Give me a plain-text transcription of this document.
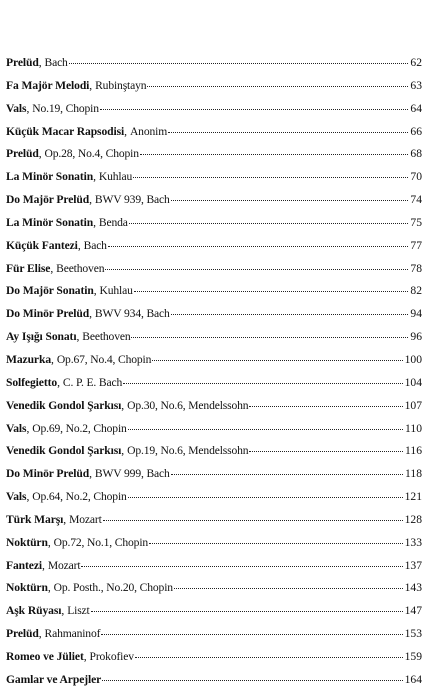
Prelüd , Bach	62
Fa Majör Melodi , Rubinştayn	63
Vals , No.19, Chopin	64
Küçük Macar Rapsodisi , Anonim	66
Prelüd , Op.28, No.4, Chopin	68
La Minör Sonatin , Kuhlau	70
Do Majör Prelüd , BWV 939, Bach	74
La Minör Sonatin , Benda	75
Küçük Fantezi , Bach	77
Für Elise , Beethoven	78
Do Majör Sonatin , Kuhlau	82
Do Minör Prelüd , BWV 934, Bach	94
Ay Işığı Sonatı , Beethoven	96
Mazurka , Op.67, No.4, Chopin	100
Solfegietto , C. P. E. Bach	104
Venedik Gondol Şarkısı , Op.30, No.6, Mendelssohn	107
Vals , Op.69, No.2, Chopin	110
Venedik Gondol Şarkısı , Op.19, No.6, Mendelssohn	116
Do Minör Prelüd , BWV 999, Bach	118
Vals , Op.64, No.2, Chopin	121
Türk Marşı , Mozart	128
Noktürn , Op.72, No.1, Chopin	133
Fantezi , Mozart	137
Noktürn , Op. Posth., No.20, Chopin	143
Aşk Rüyası , Liszt	147
Prelüd , Rahmaninof	153
Romeo ve Jüliet , Prokofiev	159
Gamlar ve Arpejler	164
